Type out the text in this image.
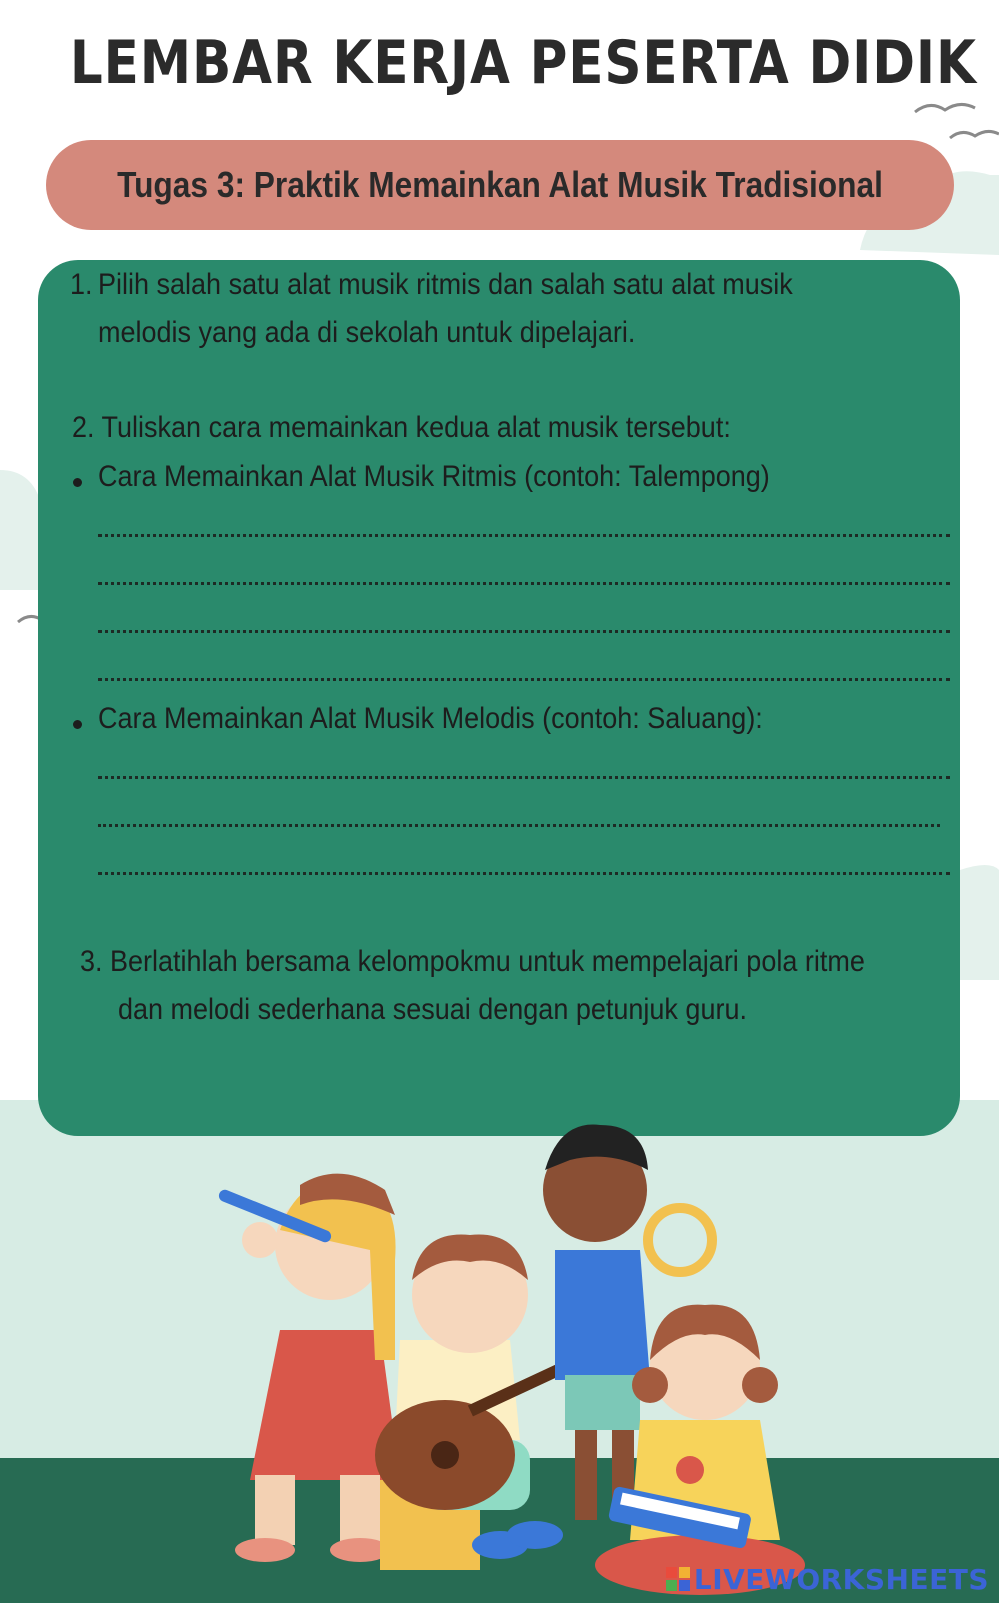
LEMBAR KERJA PESERTA DIDIK
Tugas 3: Praktik Memainkan Alat Musik Tradisional
1. Pilih salah satu alat musik ritmis dan salah satu alat musik
melodis yang ada di sekolah untuk dipelajari.
2. Tuliskan cara memainkan kedua alat musik tersebut:
Cara Memainkan Alat Musik Ritmis (contoh: Talempong)
Cara Memainkan Alat Musik Melodis (contoh: Saluang):
3. Berlatihlah bersama kelompokmu untuk mempelajari pola ritme
dan melodi sederhana sesuai dengan petunjuk guru.
LIVEWORKSHEETS
